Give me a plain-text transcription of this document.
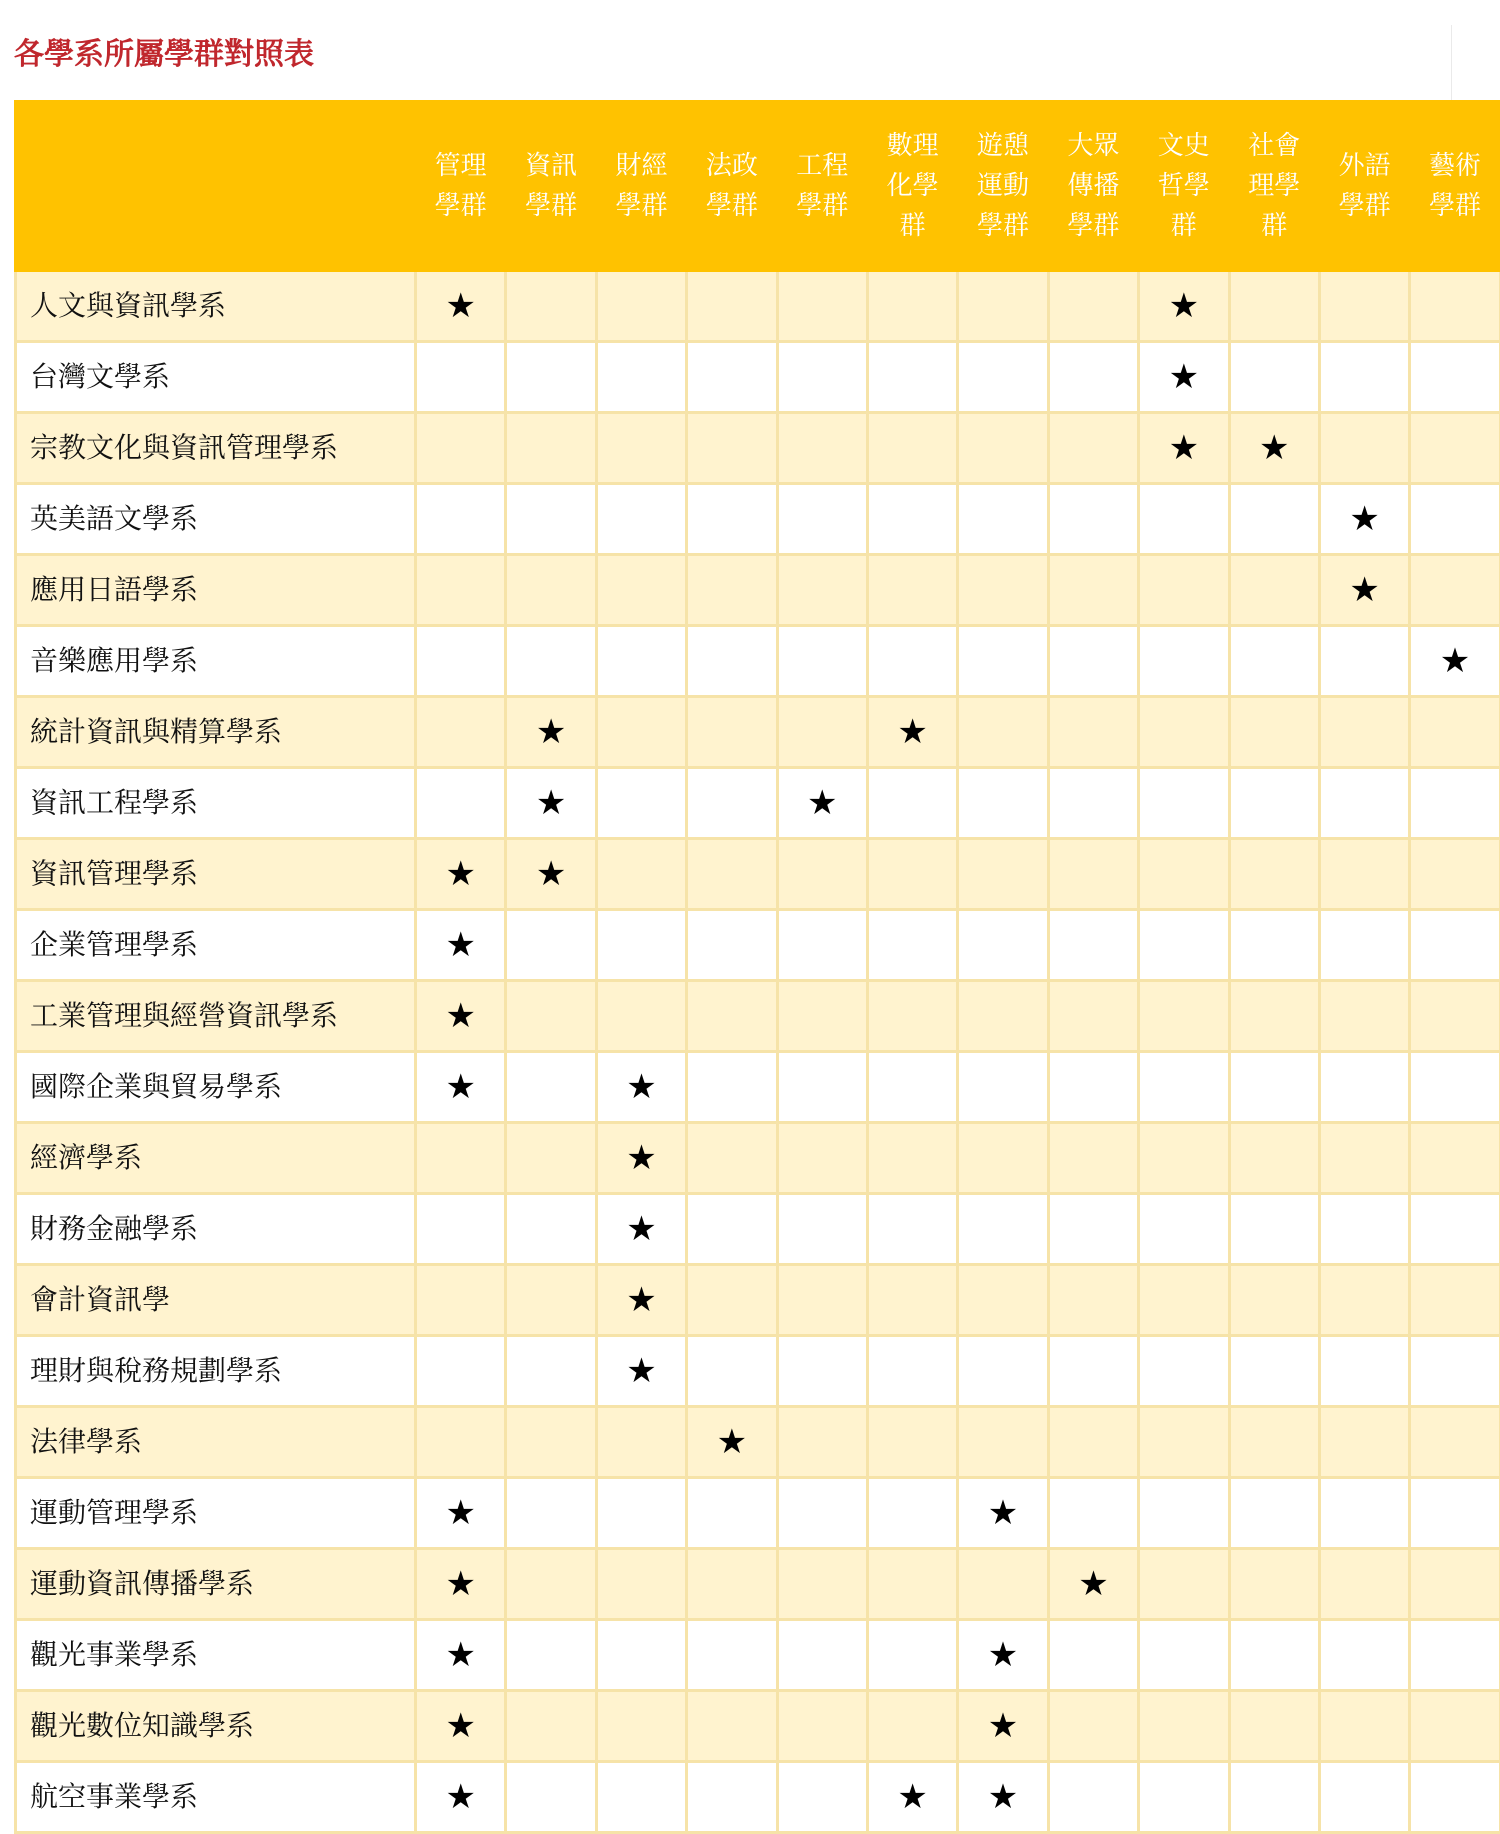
各學系所屬學群對照表

	管理學群	資訊學群	財經學群	法政學群	工程學群	數理化學群	遊憩運動學群	大眾傳播學群	文史哲學群	社會理學群	外語學群	藝術學群

人文與資訊學系	★								★			
台灣文學系									★			
宗教文化與資訊管理學系									★	★		
英美語文學系											★	
應用日語學系											★	
音樂應用學系												★
統計資訊與精算學系		★				★						
資訊工程學系		★			★							
資訊管理學系	★	★										
企業管理學系	★											
工業管理與經營資訊學系	★											
國際企業與貿易學系	★		★									
經濟學系			★									
財務金融學系			★									
會計資訊學			★									
理財與稅務規劃學系			★									
法律學系				★								
運動管理學系	★						★					
運動資訊傳播學系	★							★				
觀光事業學系	★						★					
觀光數位知識學系	★						★					
航空事業學系	★					★	★					
